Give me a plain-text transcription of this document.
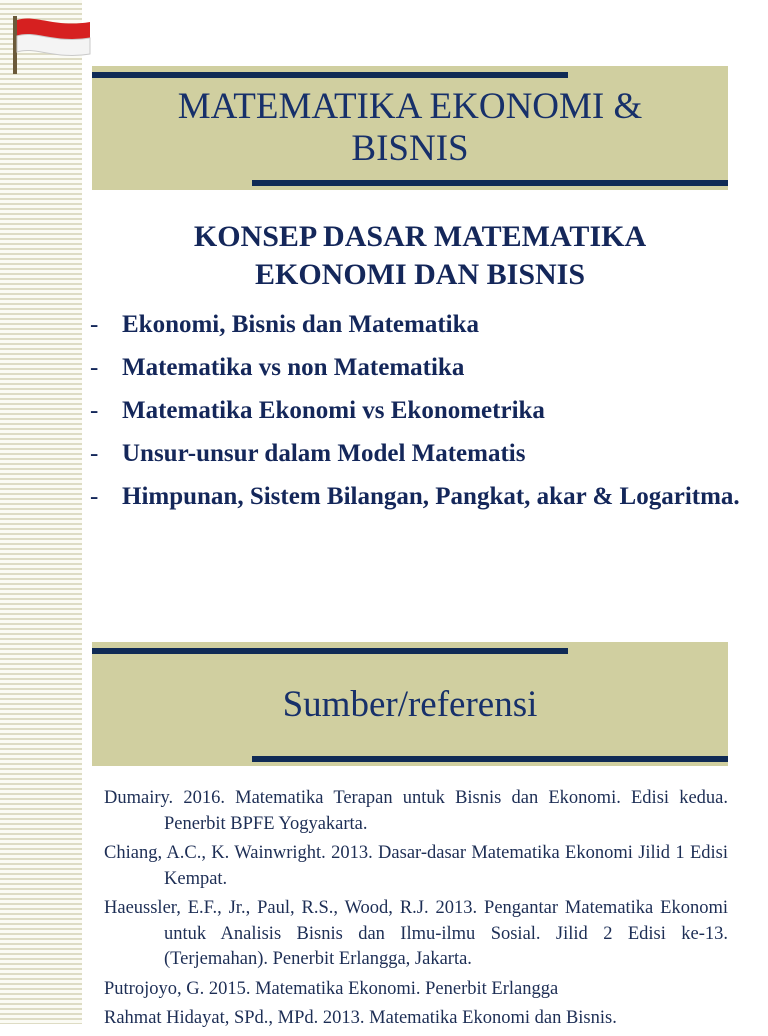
MATEMATIKA EKONOMI &
BISNIS
KONSEP DASAR MATEMATIKA
EKONOMI DAN BISNIS
- Ekonomi, Bisnis dan Matematika
- Matematika vs non Matematika
- Matematika Ekonomi vs Ekonometrika
- Unsur-unsur dalam Model Matematis
- Himpunan, Sistem Bilangan, Pangkat, akar & Logaritma.
Sumber/referensi
Dumairy. 2016. Matematika Terapan untuk Bisnis dan Ekonomi. Edisi kedua. Penerbit BPFE Yogyakarta.
Chiang, A.C., K. Wainwright. 2013. Dasar-dasar Matematika Ekonomi Jilid 1 Edisi Kempat.
Haeussler, E.F., Jr., Paul, R.S., Wood, R.J. 2013. Pengantar Matematika Ekonomi untuk Analisis Bisnis dan Ilmu-ilmu Sosial. Jilid 2 Edisi ke-13. (Terjemahan). Penerbit Erlangga, Jakarta.
Putrojoyo, G. 2015. Matematika Ekonomi. Penerbit Erlangga
Rahmat Hidayat, SPd., MPd. 2013. Matematika Ekonomi dan Bisnis.
